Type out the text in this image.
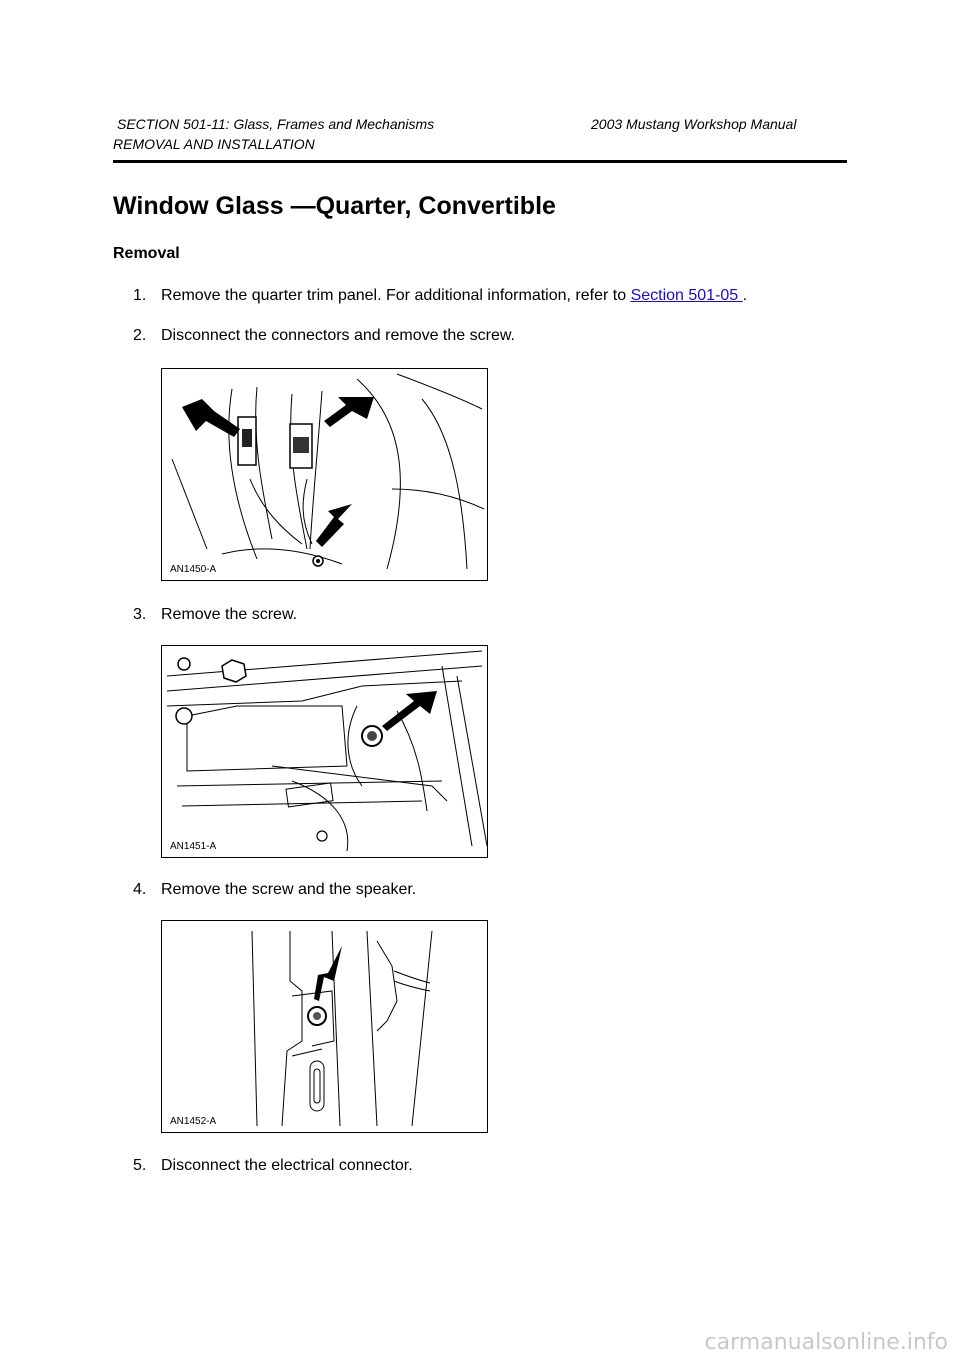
SECTION 501-11: Glass, Frames and Mechanisms	2003 Mustang Workshop Manual
REMOVAL AND INSTALLATION
Window Glass —Quarter, Convertible
Removal
1. Remove the quarter trim panel. For additional information, refer to Section 501-05 .
2. Disconnect the connectors and remove the screw.
AN1450-A
3. Remove the screw.
AN1451-A
4. Remove the screw and the speaker.
AN1452-A
5. Disconnect the electrical connector.
carmanualsonline.info
